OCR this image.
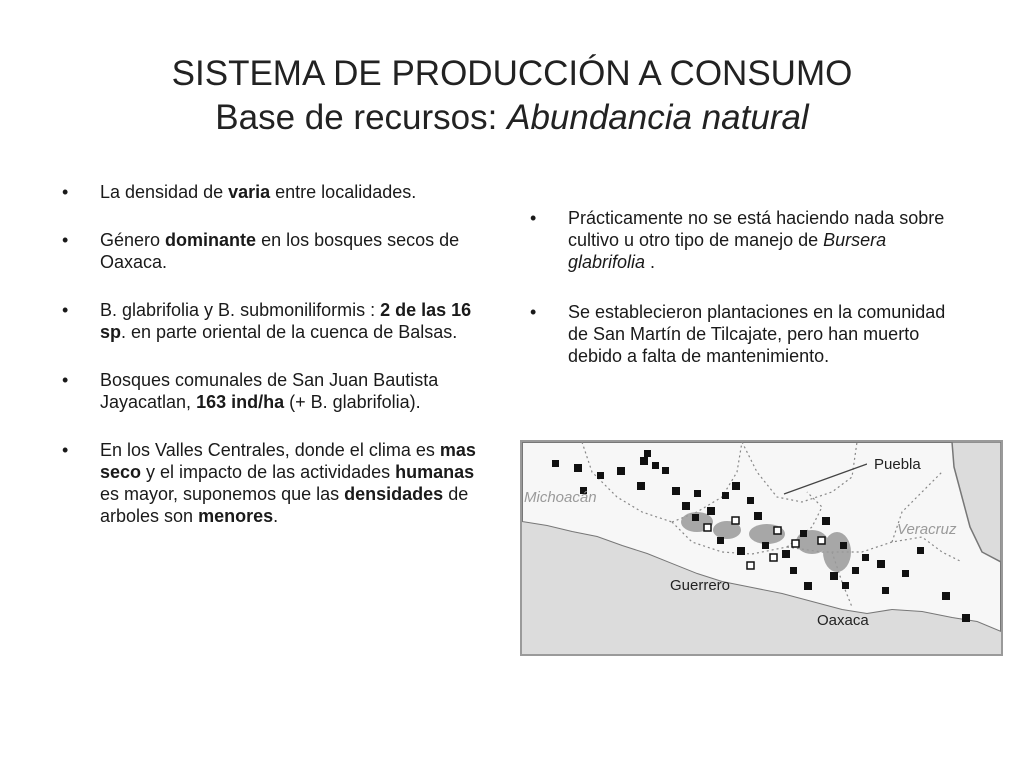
SISTEMA DE PRODUCCIÓN A CONSUMO
Base de recursos: Abundancia natural
• La densidad de varia entre localidades.
• Género dominante en los bosques secos de Oaxaca.
• B. glabrifolia y B. submoniliformis : 2 de las 16 sp. en parte oriental de la cuenca de Balsas.
• Bosques comunales de San Juan Bautista Jayacatlan, 163 ind/ha (+ B. glabrifolia).
• En los Valles Centrales, donde el clima es mas seco y el impacto de las actividades humanas es mayor, suponemos que las densidades de arboles son menores.
• Prácticamente no se está haciendo nada sobre cultivo u otro tipo de manejo de Bursera glabrifolia .
• Se establecieron plantaciones en la comunidad de San Martín de Tilcajate, pero han muerto debido a falta de mantenimiento.
Puebla
Michoacán
Veracruz
Guerrero
Oaxaca
